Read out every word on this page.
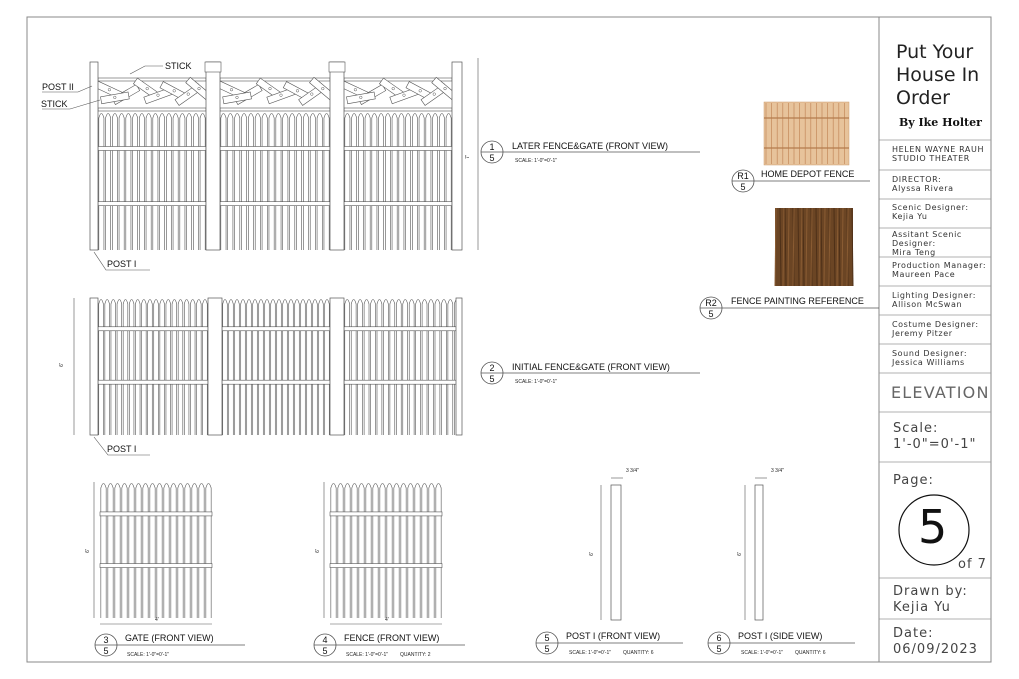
1
5
2
5
3
5
4
5
5
5
6
5
R1
5
R2
5
Put Your House In Order
By Ike Holter
HELEN WAYNE RAUH STUDIO THEATER
DIRECTOR:
Alyssa Rivera
Scenic Designer:
Kejia Yu
Assitant Scenic Designer:
Mira Teng
Production Manager:
Maureen Pace
Lighting Designer:
Allison McSwan
Costume Designer:
Jeremy Pitzer
Sound Designer:
Jessica Williams
ELEVATION
Scale:
1'-0"=0'-1"
Page:
5
of 7
Drawn by:
Kejia Yu
Date:
06/09/2023
LATER FENCE&GATE (FRONT VIEW)
SCALE: 1'-0"=0'-1"
INITIAL FENCE&GATE (FRONT VIEW)
SCALE: 1'-0"=0'-1"
GATE (FRONT VIEW)
SCALE: 1'-0"=0'-1"
FENCE (FRONT VIEW)
SCALE: 1'-0"=0'-1" QUANTITY: 2
POST I (FRONT VIEW)
SCALE: 1'-0"=0'-1" QUANTITY: 6
POST I (SIDE VIEW)
SCALE: 1'-0"=0'-1" QUANTITY: 6
HOME DEPOT FENCE
FENCE PAINTING REFERENCE
STICK
POST II
STICK
POST I
POST I
7'
6'
6'
4'
6'
4'
6'
3 3/4"
6'
3 3/4"
